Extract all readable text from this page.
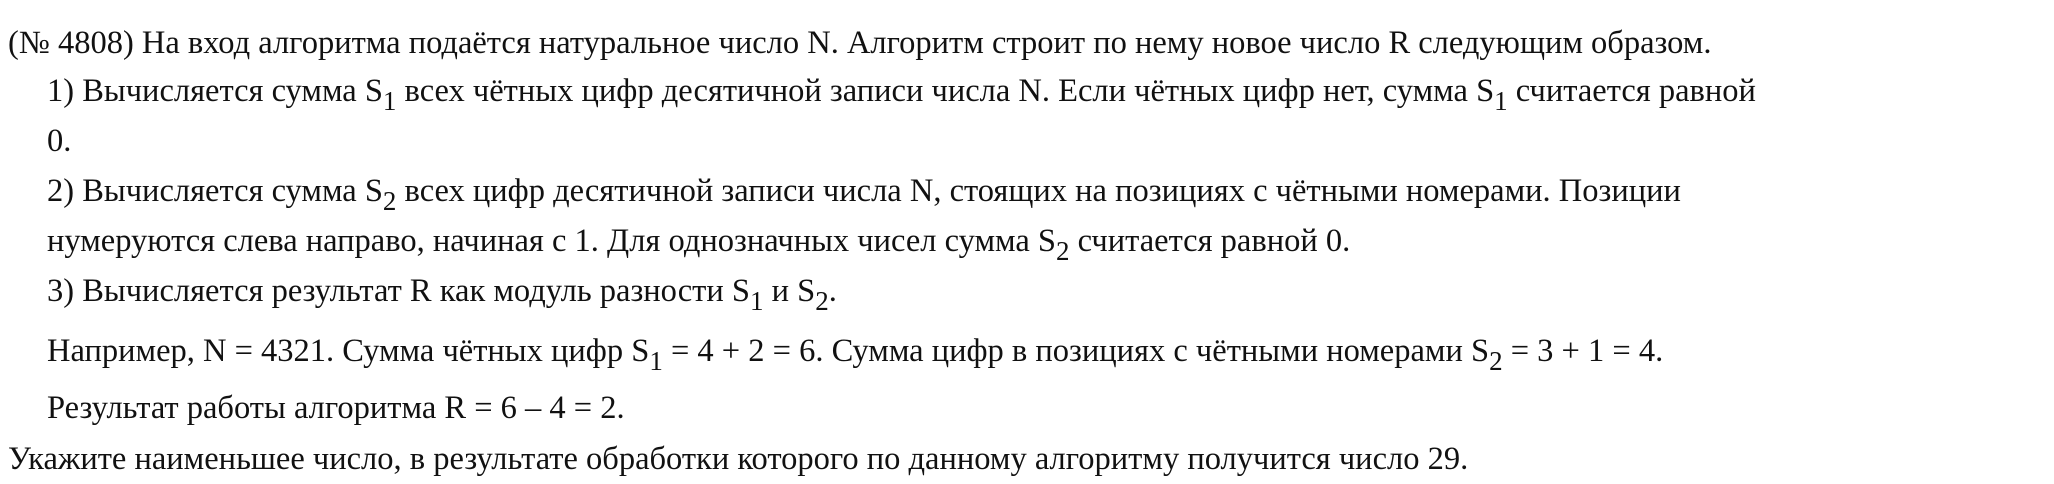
(№ 4808) На вход алгоритма подаётся натуральное число N. Алгоритм строит по нему новое число R следующим образом.
1) Вычисляется сумма $S_1$ всех чётных цифр десятичной записи числа N. Если чётных цифр нет, сумма $S_1$ считается равной
0.
2) Вычисляется сумма $S_2$ всех цифр десятичной записи числа N, стоящих на позициях с чётными номерами. Позиции
нумеруются слева направо, начиная с 1. Для однозначных чисел сумма $S_2$ считается равной 0.
3) Вычисляется результат R как модуль разности $S_1$ и $S_2$.
Например, N = 4321. Сумма чётных цифр $S_1 = 4 + 2 = 6$. Сумма цифр в позициях с чётными номерами $S_2 = 3 + 1 = 4$.
Результат работы алгоритма R = 6 – 4 = 2.
Укажите наименьшее число, в результате обработки которого по данному алгоритму получится число 29.
